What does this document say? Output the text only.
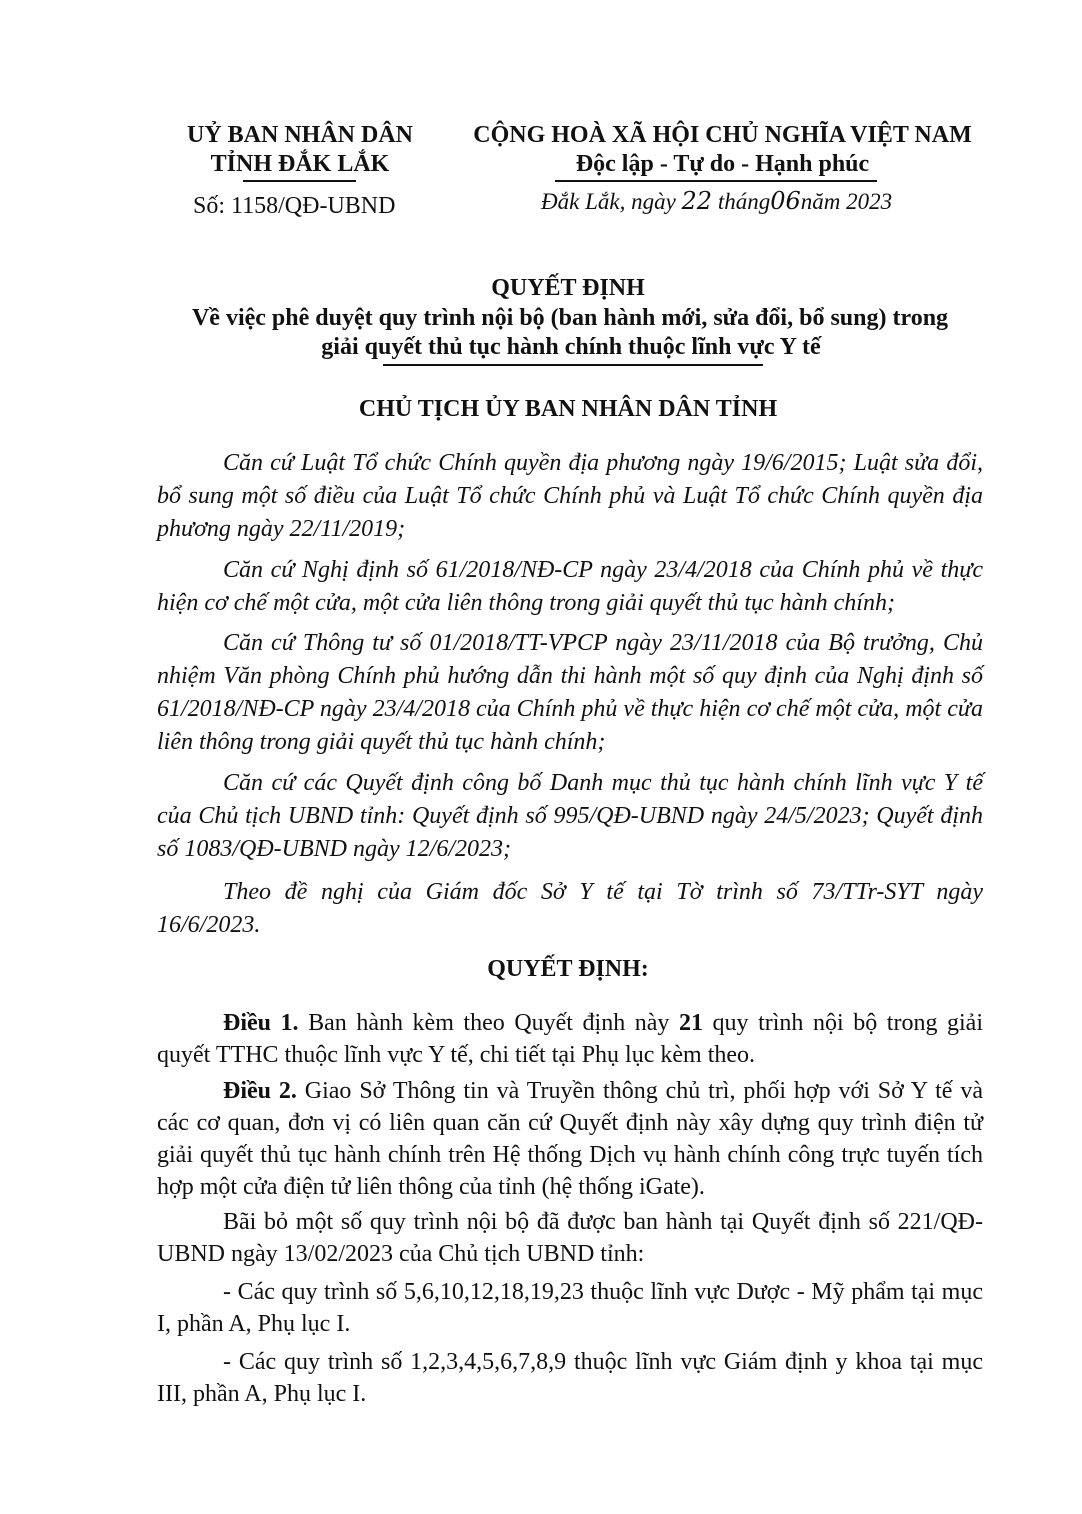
UỶ BAN NHÂN DÂN
TỈNH ĐẮK LẮK
Số: 1158/QĐ-UBND
CỘNG HOÀ XÃ HỘI CHỦ NGHĨA VIỆT NAM
Độc lập - Tự do - Hạnh phúc
Đắk Lắk, ngày 22 tháng06năm 2023
QUYẾT ĐỊNH
Về việc phê duyệt quy trình nội bộ (ban hành mới, sửa đổi, bổ sung) trong
giải quyết thủ tục hành chính thuộc lĩnh vực Y tế
CHỦ TỊCH ỦY BAN NHÂN DÂN TỈNH
Căn cứ Luật Tổ chức Chính quyền địa phương ngày 19/6/2015; Luật sửa đổi, bổ sung một số điều của Luật Tổ chức Chính phủ và Luật Tổ chức Chính quyền địa phương ngày 22/11/2019;
Căn cứ Nghị định số 61/2018/NĐ-CP ngày 23/4/2018 của Chính phủ về thực hiện cơ chế một cửa, một cửa liên thông trong giải quyết thủ tục hành chính;
Căn cứ Thông tư số 01/2018/TT-VPCP ngày 23/11/2018 của Bộ trưởng, Chủ nhiệm Văn phòng Chính phủ hướng dẫn thi hành một số quy định của Nghị định số 61/2018/NĐ-CP ngày 23/4/2018 của Chính phủ về thực hiện cơ chế một cửa, một cửa liên thông trong giải quyết thủ tục hành chính;
Căn cứ các Quyết định công bố Danh mục thủ tục hành chính lĩnh vực Y tế của Chủ tịch UBND tỉnh: Quyết định số 995/QĐ-UBND ngày 24/5/2023; Quyết định số 1083/QĐ-UBND ngày 12/6/2023;
Theo đề nghị của Giám đốc Sở Y tế tại Tờ trình số 73/TTr-SYT ngày 16/6/2023.
QUYẾT ĐỊNH:
Điều 1. Ban hành kèm theo Quyết định này 21 quy trình nội bộ trong giải quyết TTHC thuộc lĩnh vực Y tế, chi tiết tại Phụ lục kèm theo.
Điều 2. Giao Sở Thông tin và Truyền thông chủ trì, phối hợp với Sở Y tế và các cơ quan, đơn vị có liên quan căn cứ Quyết định này xây dựng quy trình điện tử giải quyết thủ tục hành chính trên Hệ thống Dịch vụ hành chính công trực tuyến tích hợp một cửa điện tử liên thông của tỉnh (hệ thống iGate).
Bãi bỏ một số quy trình nội bộ đã được ban hành tại Quyết định số 221/QĐ-UBND ngày 13/02/2023 của Chủ tịch UBND tỉnh:
- Các quy trình số 5,6,10,12,18,19,23 thuộc lĩnh vực Dược - Mỹ phẩm tại mục I, phần A, Phụ lục I.
- Các quy trình số 1,2,3,4,5,6,7,8,9 thuộc lĩnh vực Giám định y khoa tại mục III, phần A, Phụ lục I.
